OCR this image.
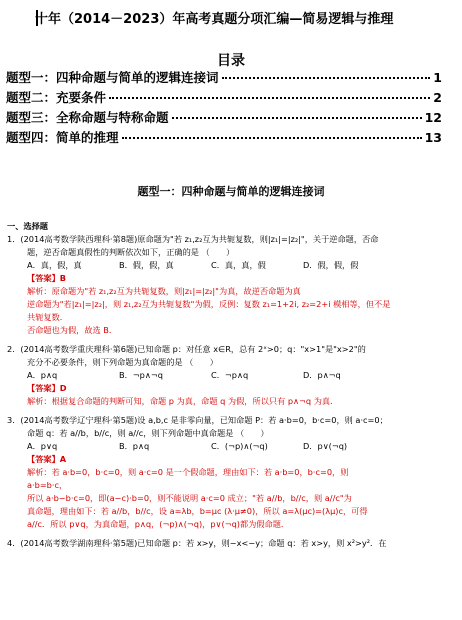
十年（2014－2023）年高考真题分项汇编—简易逻辑与推理
目录
题型一：四种命题与简单的逻辑连接词	1
题型二：充要条件	2
题型三：全称命题与特称命题	12
题型四：简单的推理	13
题型一：四种命题与简单的逻辑连接词
一、选择题
1．(2014高考数学陕西理科·第8题)原命题为"若 z₁,z₂互为共轭复数，则|z₁|=|z₂|"，关于逆命题，否命
题，逆否命题真假性的判断依次如下，正确的是 （　　）
A．真，假，真	B．假，假，真	C．真，真，假	D．假，假，假
【答案】B
解析：原命题为"若 z₁,z₂互为共轭复数，则|z₁|=|z₂|"为真，故逆否命题为真
逆命题为"若|z₁|=|z₂|，则 z₁,z₂互为共轭复数"为假，反例：复数 z₁=1+2i, z₂=2+i 模相等，但不是
共轭复数．
否命题也为假，故选 B．
2．(2014高考数学重庆理科·第6题)已知命题 p：对任意 x∈R，总有 2ˣ>0；q："x>1"是"x>2"的
充分不必要条件，则下列命题为真命题的是 （　　）
A．p∧q	B．¬p∧¬q	C．¬p∧q	D．p∧¬q
【答案】D
解析：根据复合命题的判断可知，命题 p 为真，命题 q 为假，所以只有 p∧¬q 为真．
3．(2014高考数学辽宁理科·第5题)设 a,b,c 是非零向量，已知命题 P：若 a·b=0，b·c=0，则 a·c=0；
命题 q：若 a//b，b//c，则 a//c，则下列命题中真命题是 （　　）
A．p∨q	B．p∧q	C．(¬p)∧(¬q)	D．p∨(¬q)
【答案】A
解析：若 a·b=0，b·c=0，则 a·c=0 是一个假命题，理由如下：若 a·b=0，b·c=0，则
a·b=b·c，
所以 a·b−b·c=0，即(a−c)·b=0，则不能说明 a·c=0 成立；"若 a//b，b//c，则 a//c"为
真命题，理由如下：若 a//b，b//c，设 a=λb，b=μc (λ·μ≠0)，所以 a=λ(μc)=(λμ)c，可得
a//c．所以 p∨q，为真命题，p∧q，(¬p)∧(¬q)，p∨(¬q)都为假命题．
4．(2014高考数学湖南理科·第5题)已知命题 p：若 x>y，则−x<−y；命题 q：若 x>y，则 x²>y²．在
